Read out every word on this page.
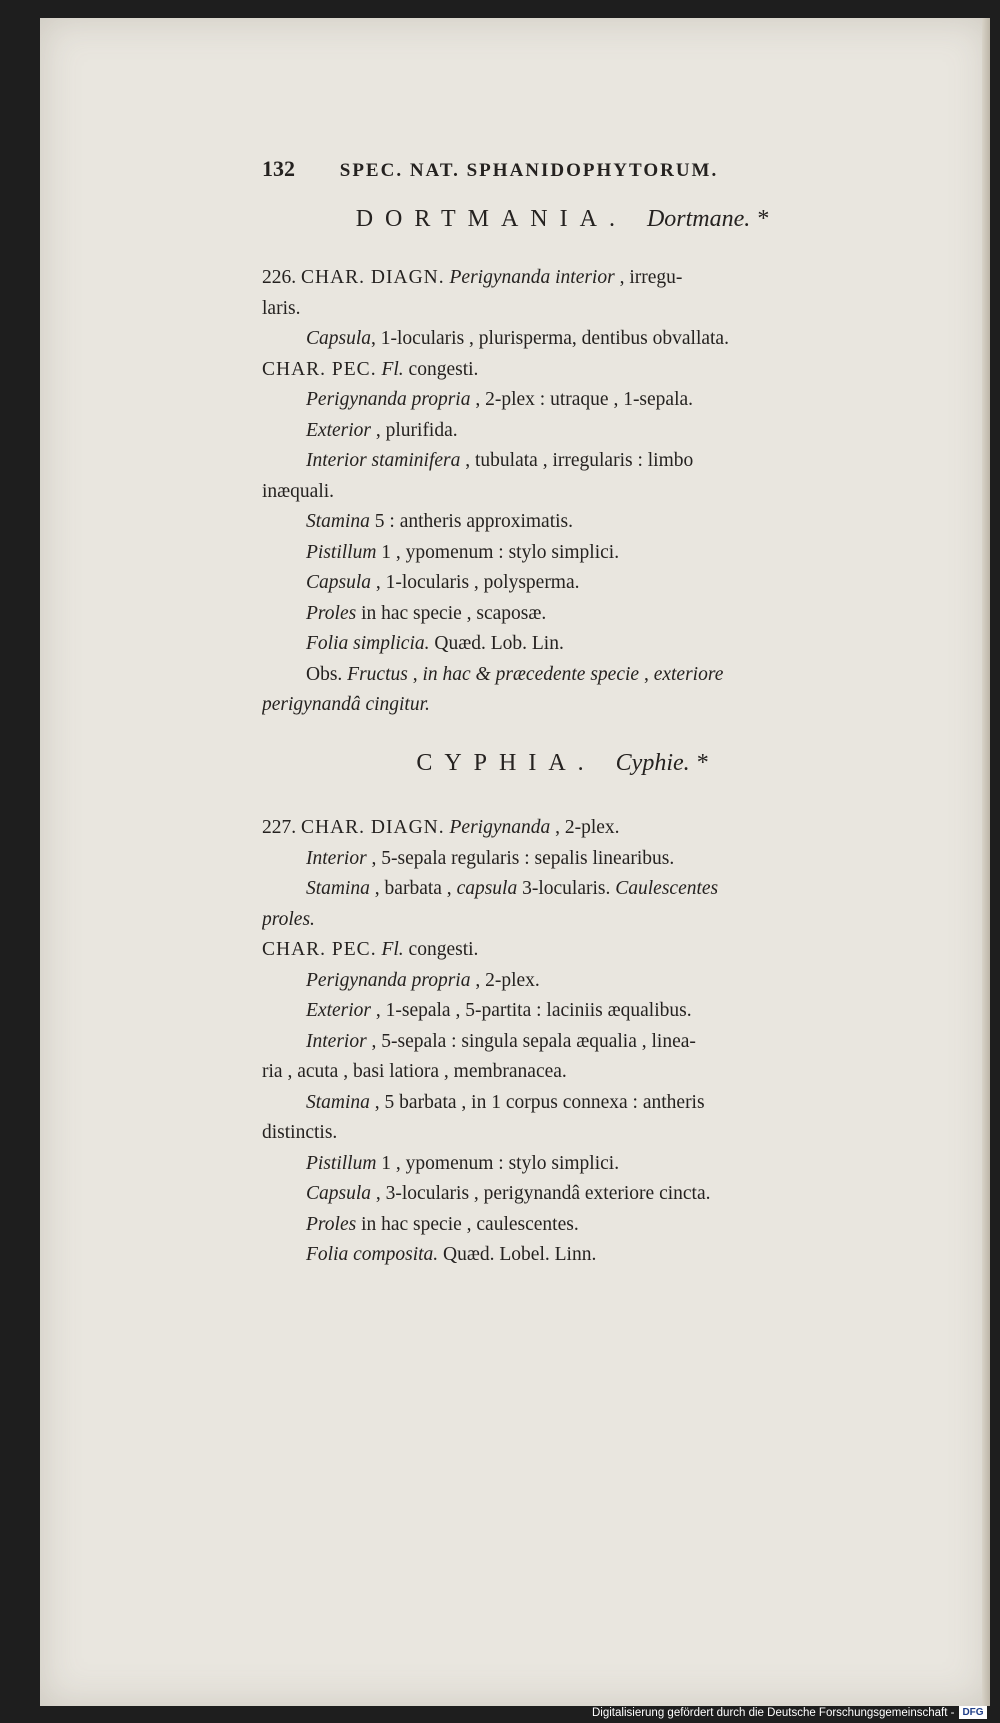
132 SPEC. NAT. SPHANIDOPHYTORUM.
DORTMANIA. Dortmane. *
226. CHAR. DIAGN. Perigynanda interior , irregu-
laris.
Capsula, 1-locularis , plurisperma, dentibus obvallata.
CHAR. PEC. Fl. congesti.
Perigynanda propria , 2-plex : utraque , 1-sepala.
Exterior , plurifida.
Interior staminifera , tubulata , irregularis : limbo
inæquali.
Stamina 5 : antheris approximatis.
Pistillum 1 , ypomenum : stylo simplici.
Capsula , 1-locularis , polysperma.
Proles in hac specie , scaposæ.
Folia simplicia. Quæd. Lob. Lin.
Obs. Fructus , in hac & præcedente specie , exteriore
perigynandâ cingitur.
CYPHIA. Cyphie. *
227. CHAR. DIAGN. Perigynanda , 2-plex.
Interior , 5-sepala regularis : sepalis linearibus.
Stamina , barbata , capsula 3-locularis. Caulescentes
proles.
CHAR. PEC. Fl. congesti.
Perigynanda propria , 2-plex.
Exterior , 1-sepala , 5-partita : laciniis æqualibus.
Interior , 5-sepala : singula sepala æqualia , linea-
ria , acuta , basi latiora , membranacea.
Stamina , 5 barbata , in 1 corpus connexa : antheris
distinctis.
Pistillum 1 , ypomenum : stylo simplici.
Capsula , 3-locularis , perigynandâ exteriore cincta.
Proles in hac specie , caulescentes.
Folia composita. Quæd. Lobel. Linn.
Digitalisierung gefördert durch die Deutsche Forschungsgemeinschaft - DFG
